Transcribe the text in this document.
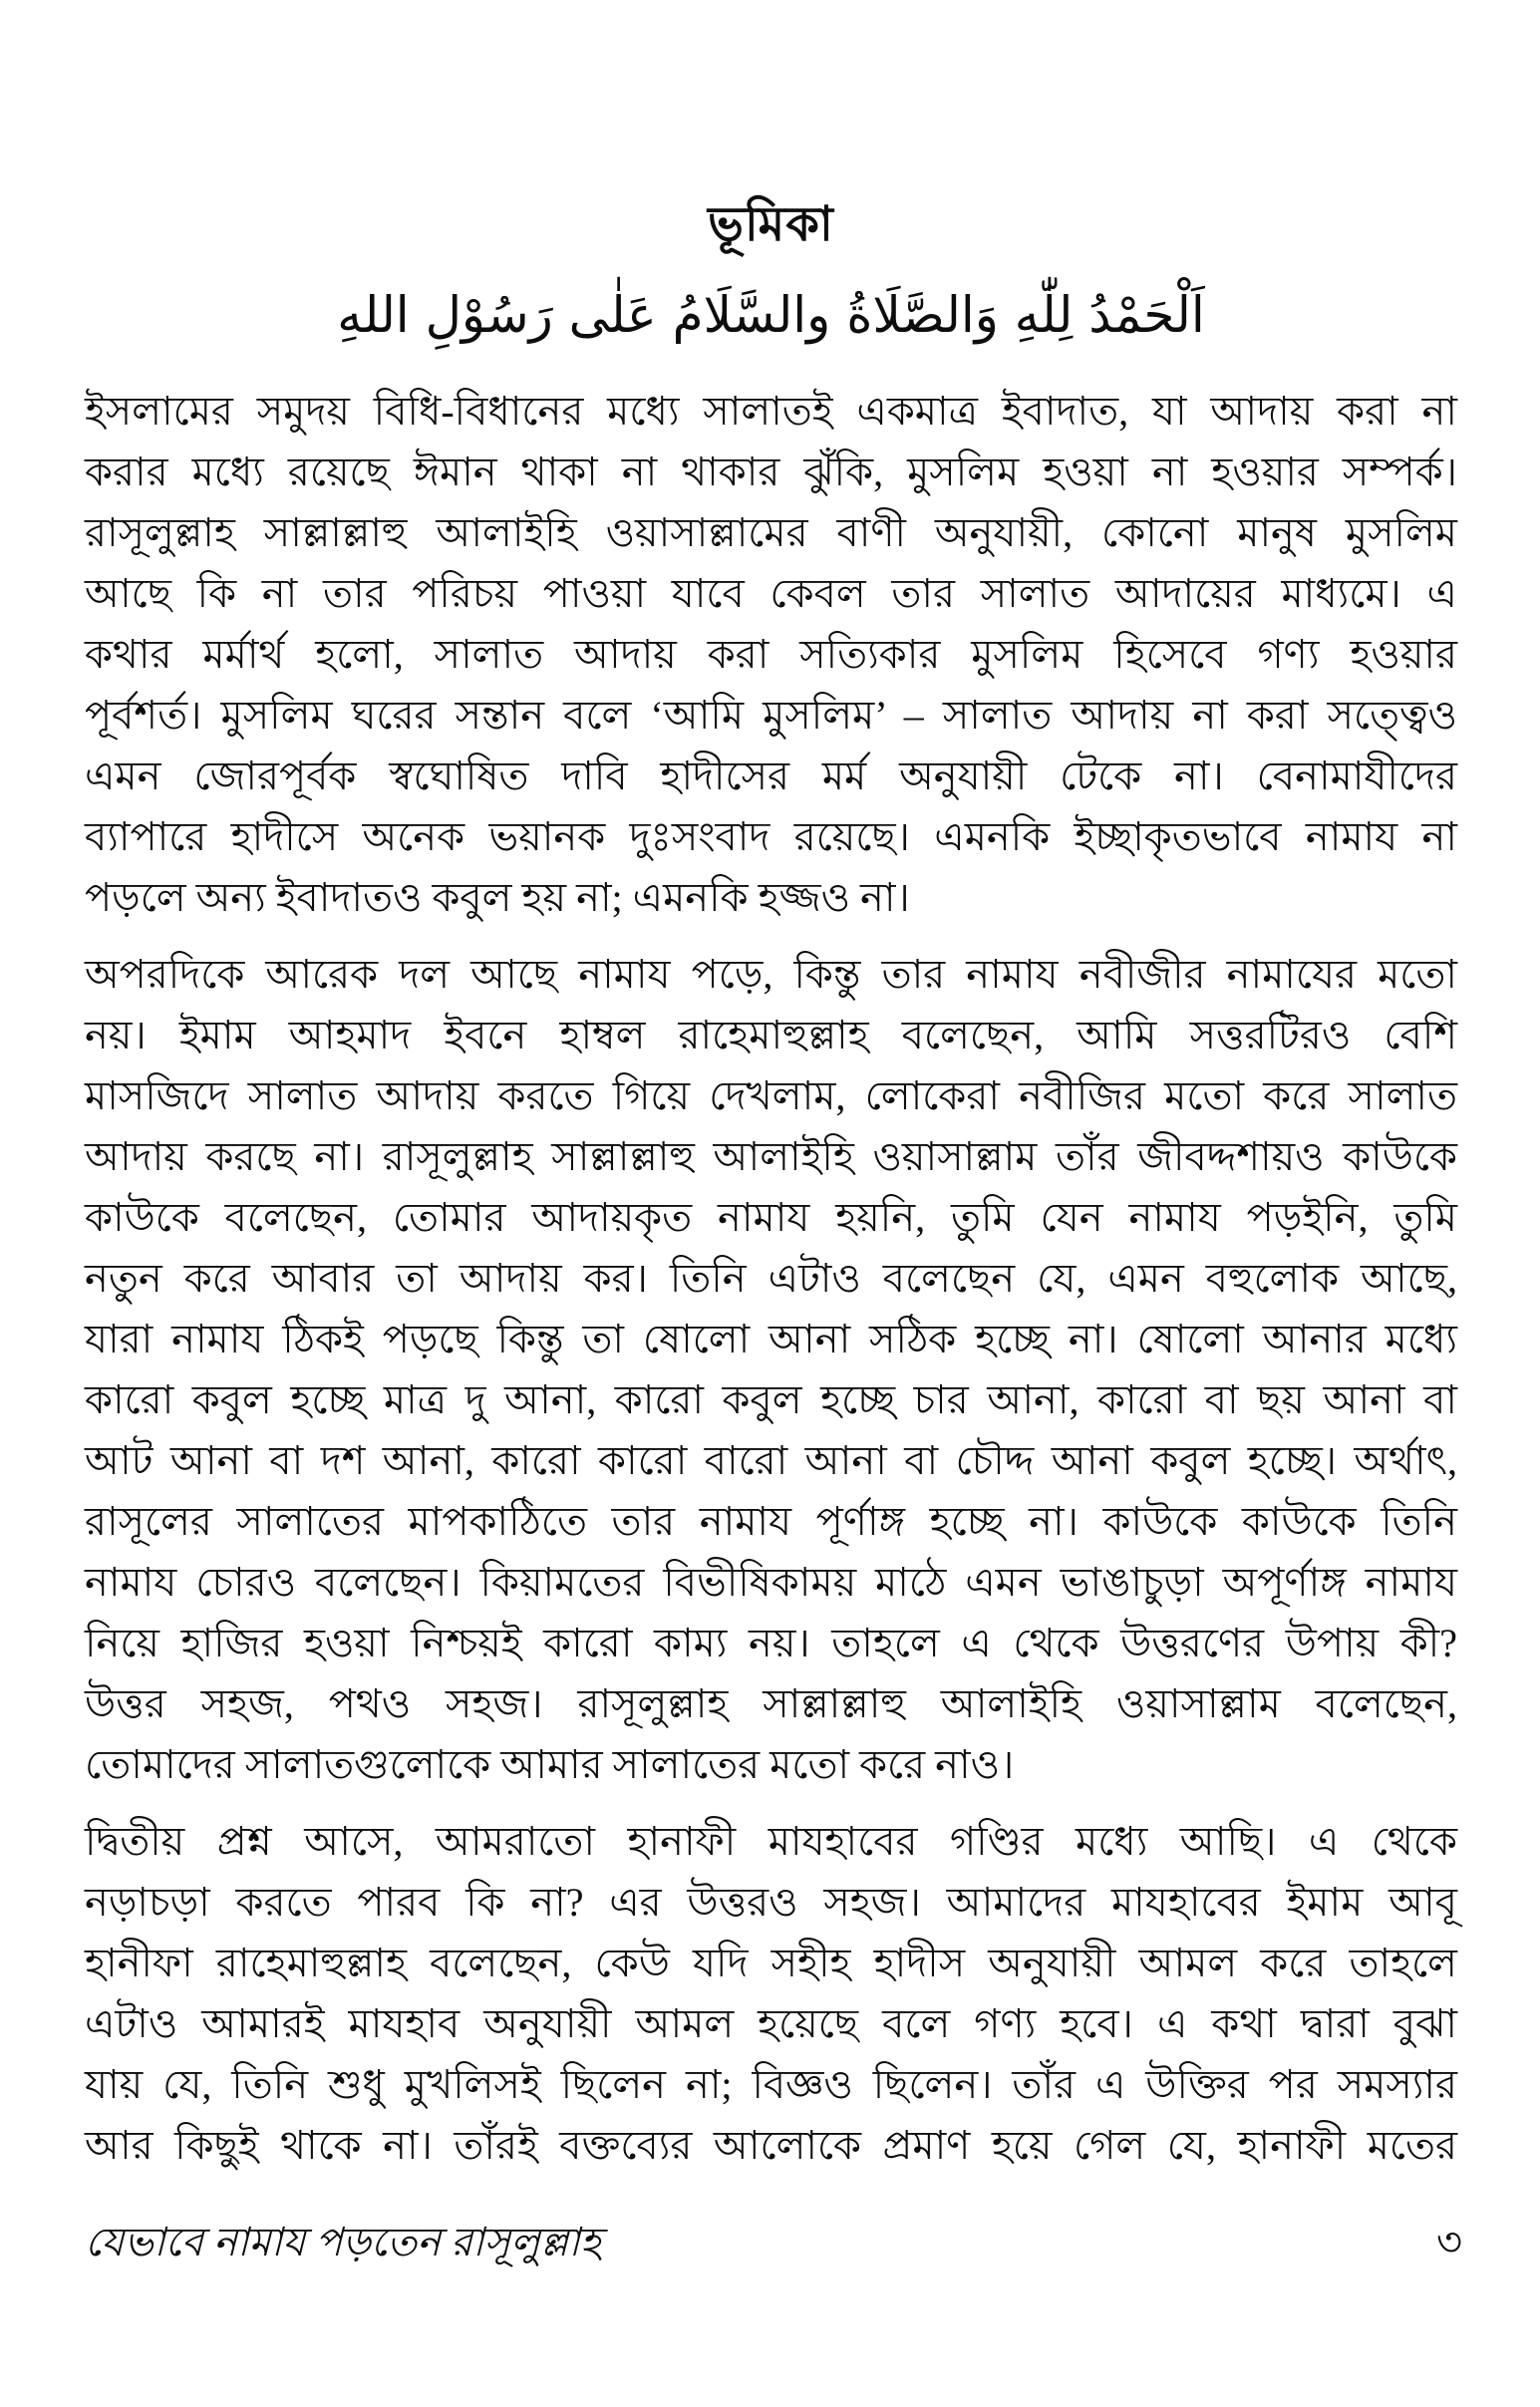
ভূমিকা
اَلْحَمْدُ لِلّٰهِ وَالصَّلَاةُ والسَّلَامُ عَلٰى رَسُوْلِ اللهِ
ইসলামের সমুদয় বিধি-বিধানের মধ্যে সালাতই একমাত্র ইবাদাত, যা আদায় করা না
করার মধ্যে রয়েছে ঈমান থাকা না থাকার ঝুঁকি, মুসলিম হওয়া না হওয়ার সম্পর্ক।
রাসূলুল্লাহ সাল্লাল্লাহু আলাইহি ওয়াসাল্লামের বাণী অনুযায়ী, কোনো মানুষ মুসলিম
আছে কি না তার পরিচয় পাওয়া যাবে কেবল তার সালাত আদায়ের মাধ্যমে। এ
কথার মর্মার্থ হলো, সালাত আদায় করা সত্যিকার মুসলিম হিসেবে গণ্য হওয়ার
পূর্বশর্ত। মুসলিম ঘরের সন্তান বলে ‘আমি মুসলিম’ – সালাত আদায় না করা সত্ত্বেও
এমন জোরপূর্বক স্বঘোষিত দাবি হাদীসের মর্ম অনুযায়ী টেকে না। বেনামাযীদের
ব্যাপারে হাদীসে অনেক ভয়ানক দুঃসংবাদ রয়েছে। এমনকি ইচ্ছাকৃতভাবে নামায না
পড়লে অন্য ইবাদাতও কবুল হয় না; এমনকি হজ্জও না।
অপরদিকে আরেক দল আছে নামায পড়ে, কিন্তু তার নামায নবীজীর নামাযের মতো
নয়। ইমাম আহমাদ ইবনে হাম্বল রাহেমাহুল্লাহ বলেছেন, আমি সত্তরটিরও বেশি
মাসজিদে সালাত আদায় করতে গিয়ে দেখলাম, লোকেরা নবীজির মতো করে সালাত
আদায় করছে না। রাসূলুল্লাহ সাল্লাল্লাহু আলাইহি ওয়াসাল্লাম তাঁর জীবদ্দশায়ও কাউকে
কাউকে বলেছেন, তোমার আদায়কৃত নামায হয়নি, তুমি যেন নামায পড়ইনি, তুমি
নতুন করে আবার তা আদায় কর। তিনি এটাও বলেছেন যে, এমন বহুলোক আছে,
যারা নামায ঠিকই পড়ছে কিন্তু তা ষোলো আনা সঠিক হচ্ছে না। ষোলো আনার মধ্যে
কারো কবুল হচ্ছে মাত্র দু আনা, কারো কবুল হচ্ছে চার আনা, কারো বা ছয় আনা বা
আট আনা বা দশ আনা, কারো কারো বারো আনা বা চৌদ্দ আনা কবুল হচ্ছে। অর্থাৎ,
রাসূলের সালাতের মাপকাঠিতে তার নামায পূর্ণাঙ্গ হচ্ছে না। কাউকে কাউকে তিনি
নামায চোরও বলেছেন। কিয়ামতের বিভীষিকাময় মাঠে এমন ভাঙাচুড়া অপূর্ণাঙ্গ নামায
নিয়ে হাজির হওয়া নিশ্চয়ই কারো কাম্য নয়। তাহলে এ থেকে উত্তরণের উপায় কী?
উত্তর সহজ, পথও সহজ। রাসূলুল্লাহ সাল্লাল্লাহু আলাইহি ওয়াসাল্লাম বলেছেন,
তোমাদের সালাতগুলোকে আমার সালাতের মতো করে নাও।
দ্বিতীয় প্রশ্ন আসে, আমরাতো হানাফী মাযহাবের গণ্ডির মধ্যে আছি। এ থেকে
নড়াচড়া করতে পারব কি না? এর উত্তরও সহজ। আমাদের মাযহাবের ইমাম আবূ
হানীফা রাহেমাহুল্লাহ বলেছেন, কেউ যদি সহীহ হাদীস অনুযায়ী আমল করে তাহলে
এটাও আমারই মাযহাব অনুযায়ী আমল হয়েছে বলে গণ্য হবে। এ কথা দ্বারা বুঝা
যায় যে, তিনি শুধু মুখলিসই ছিলেন না; বিজ্ঞও ছিলেন। তাঁর এ উক্তির পর সমস্যার
আর কিছুই থাকে না। তাঁরই বক্তব্যের আলোকে প্রমাণ হয়ে গেল যে, হানাফী মতের
যেভাবে নামায পড়তেন রাসূলুল্লাহ	৩
